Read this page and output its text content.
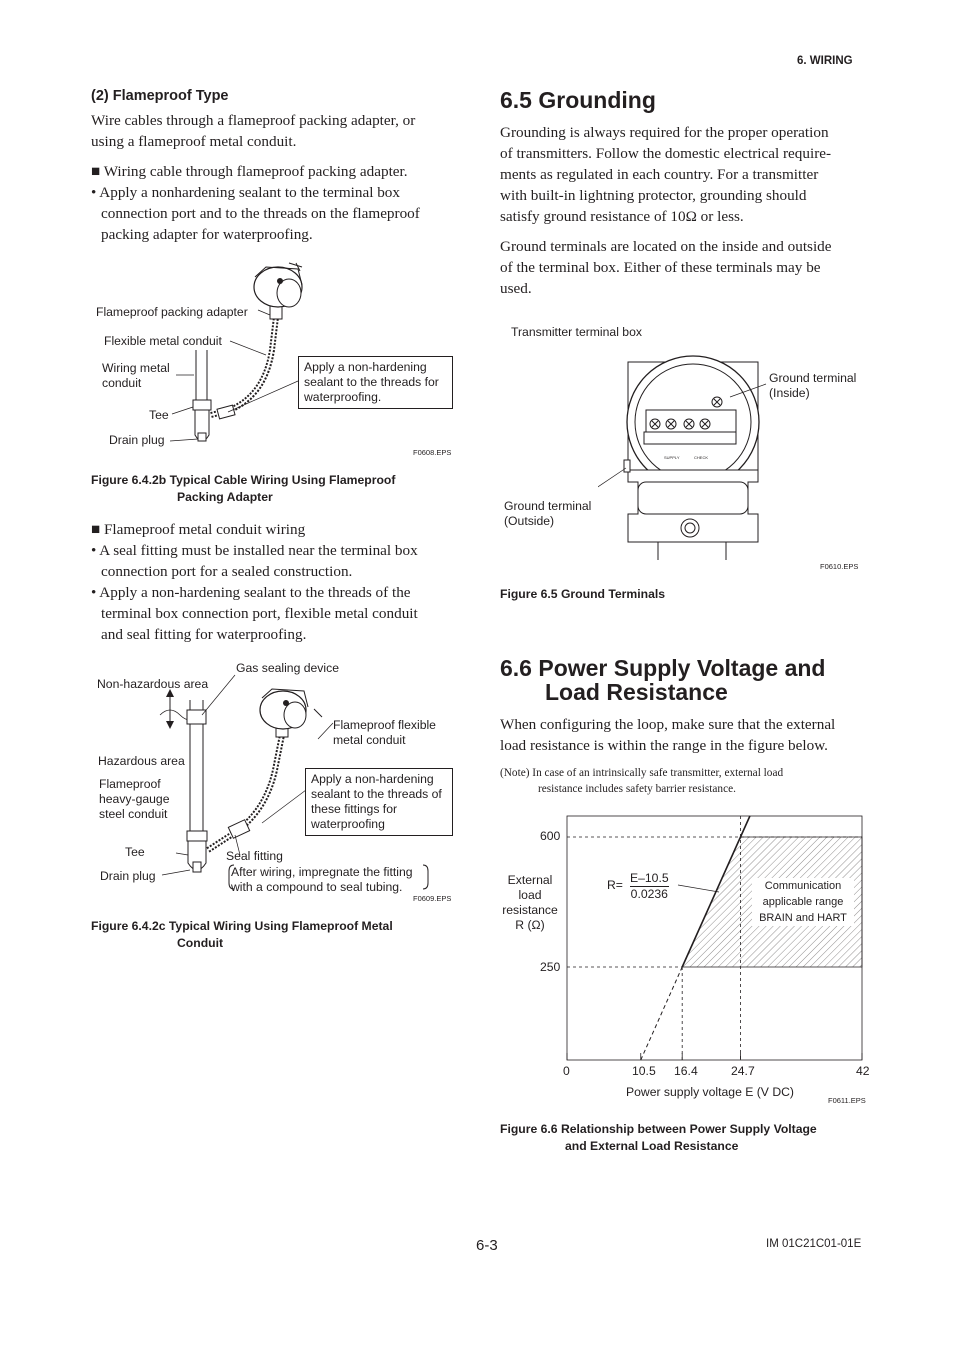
6. WIRING
(2) Flameproof Type

Wire cables through a flameproof packing adapter, or

using a flameproof metal conduit.

■ Wiring cable through flameproof packing adapter.

• Apply a nonhardening sealant to the terminal box

connection port and to the threads on the flameproof

packing adapter for waterproofing.

Flameproof packing adapter
Flexible metal conduit
Wiring metal
conduit
Tee
Drain plug
Apply a non-hardening
sealant to the threads for
waterproofing.
F0608.EPS
Figure 6.4.2b Typical Cable Wiring Using Flameproof
Packing Adapter

■ Flameproof metal conduit wiring

• A seal fitting must be installed near the terminal box

connection port for a sealed construction.

• Apply a non-hardening sealant to the threads of the

terminal box connection port, flexible metal conduit

and seal fitting for waterproofing.

Gas sealing device
Non-hazardous area
Flameproof flexible
metal conduit
Hazardous area
Flameproof
heavy-gauge
steel conduit
Apply a non-hardening
sealant to the threads of
these fittings for
waterproofing
Tee	Seal fitting
Drain plug	After wiring, impregnate the fitting
with a compound to seal tubing.
F0609.EPS
Figure 6.4.2c Typical Wiring Using Flameproof Metal
Conduit
6.5 Grounding

Grounding is always required for the proper operation

of transmitters. Follow the domestic electrical require-

ments as regulated in each country. For a transmitter

with built-in lightning protector, grounding should

satisfy ground resistance of 10Ω or less.

Ground terminals are located on the inside and outside

of the terminal box. Either of these terminals may be

used.

Transmitter terminal box
SUPPLY	CHECK
Ground terminal
(Inside)
Ground terminal
(Outside)
F0610.EPS
Figure 6.5 Ground Terminals
6.6 Power Supply Voltage and
Load Resistance

When configuring the loop, make sure that the external

load resistance is within the range in the figure below.

(Note) In case of an intrinsically safe transmitter, external load
resistance includes safety barrier resistance.
External
load
resistance
R (Ω)
600
250
0	10.5 16.4	24.7	42
Power supply voltage E (V DC)
R= E–10.5
0.0236
Communication
applicable range
BRAIN and HART
F0611.EPS
Figure 6.6 Relationship between Power Supply Voltage
and External Load Resistance
6-3	IM 01C21C01-01E
